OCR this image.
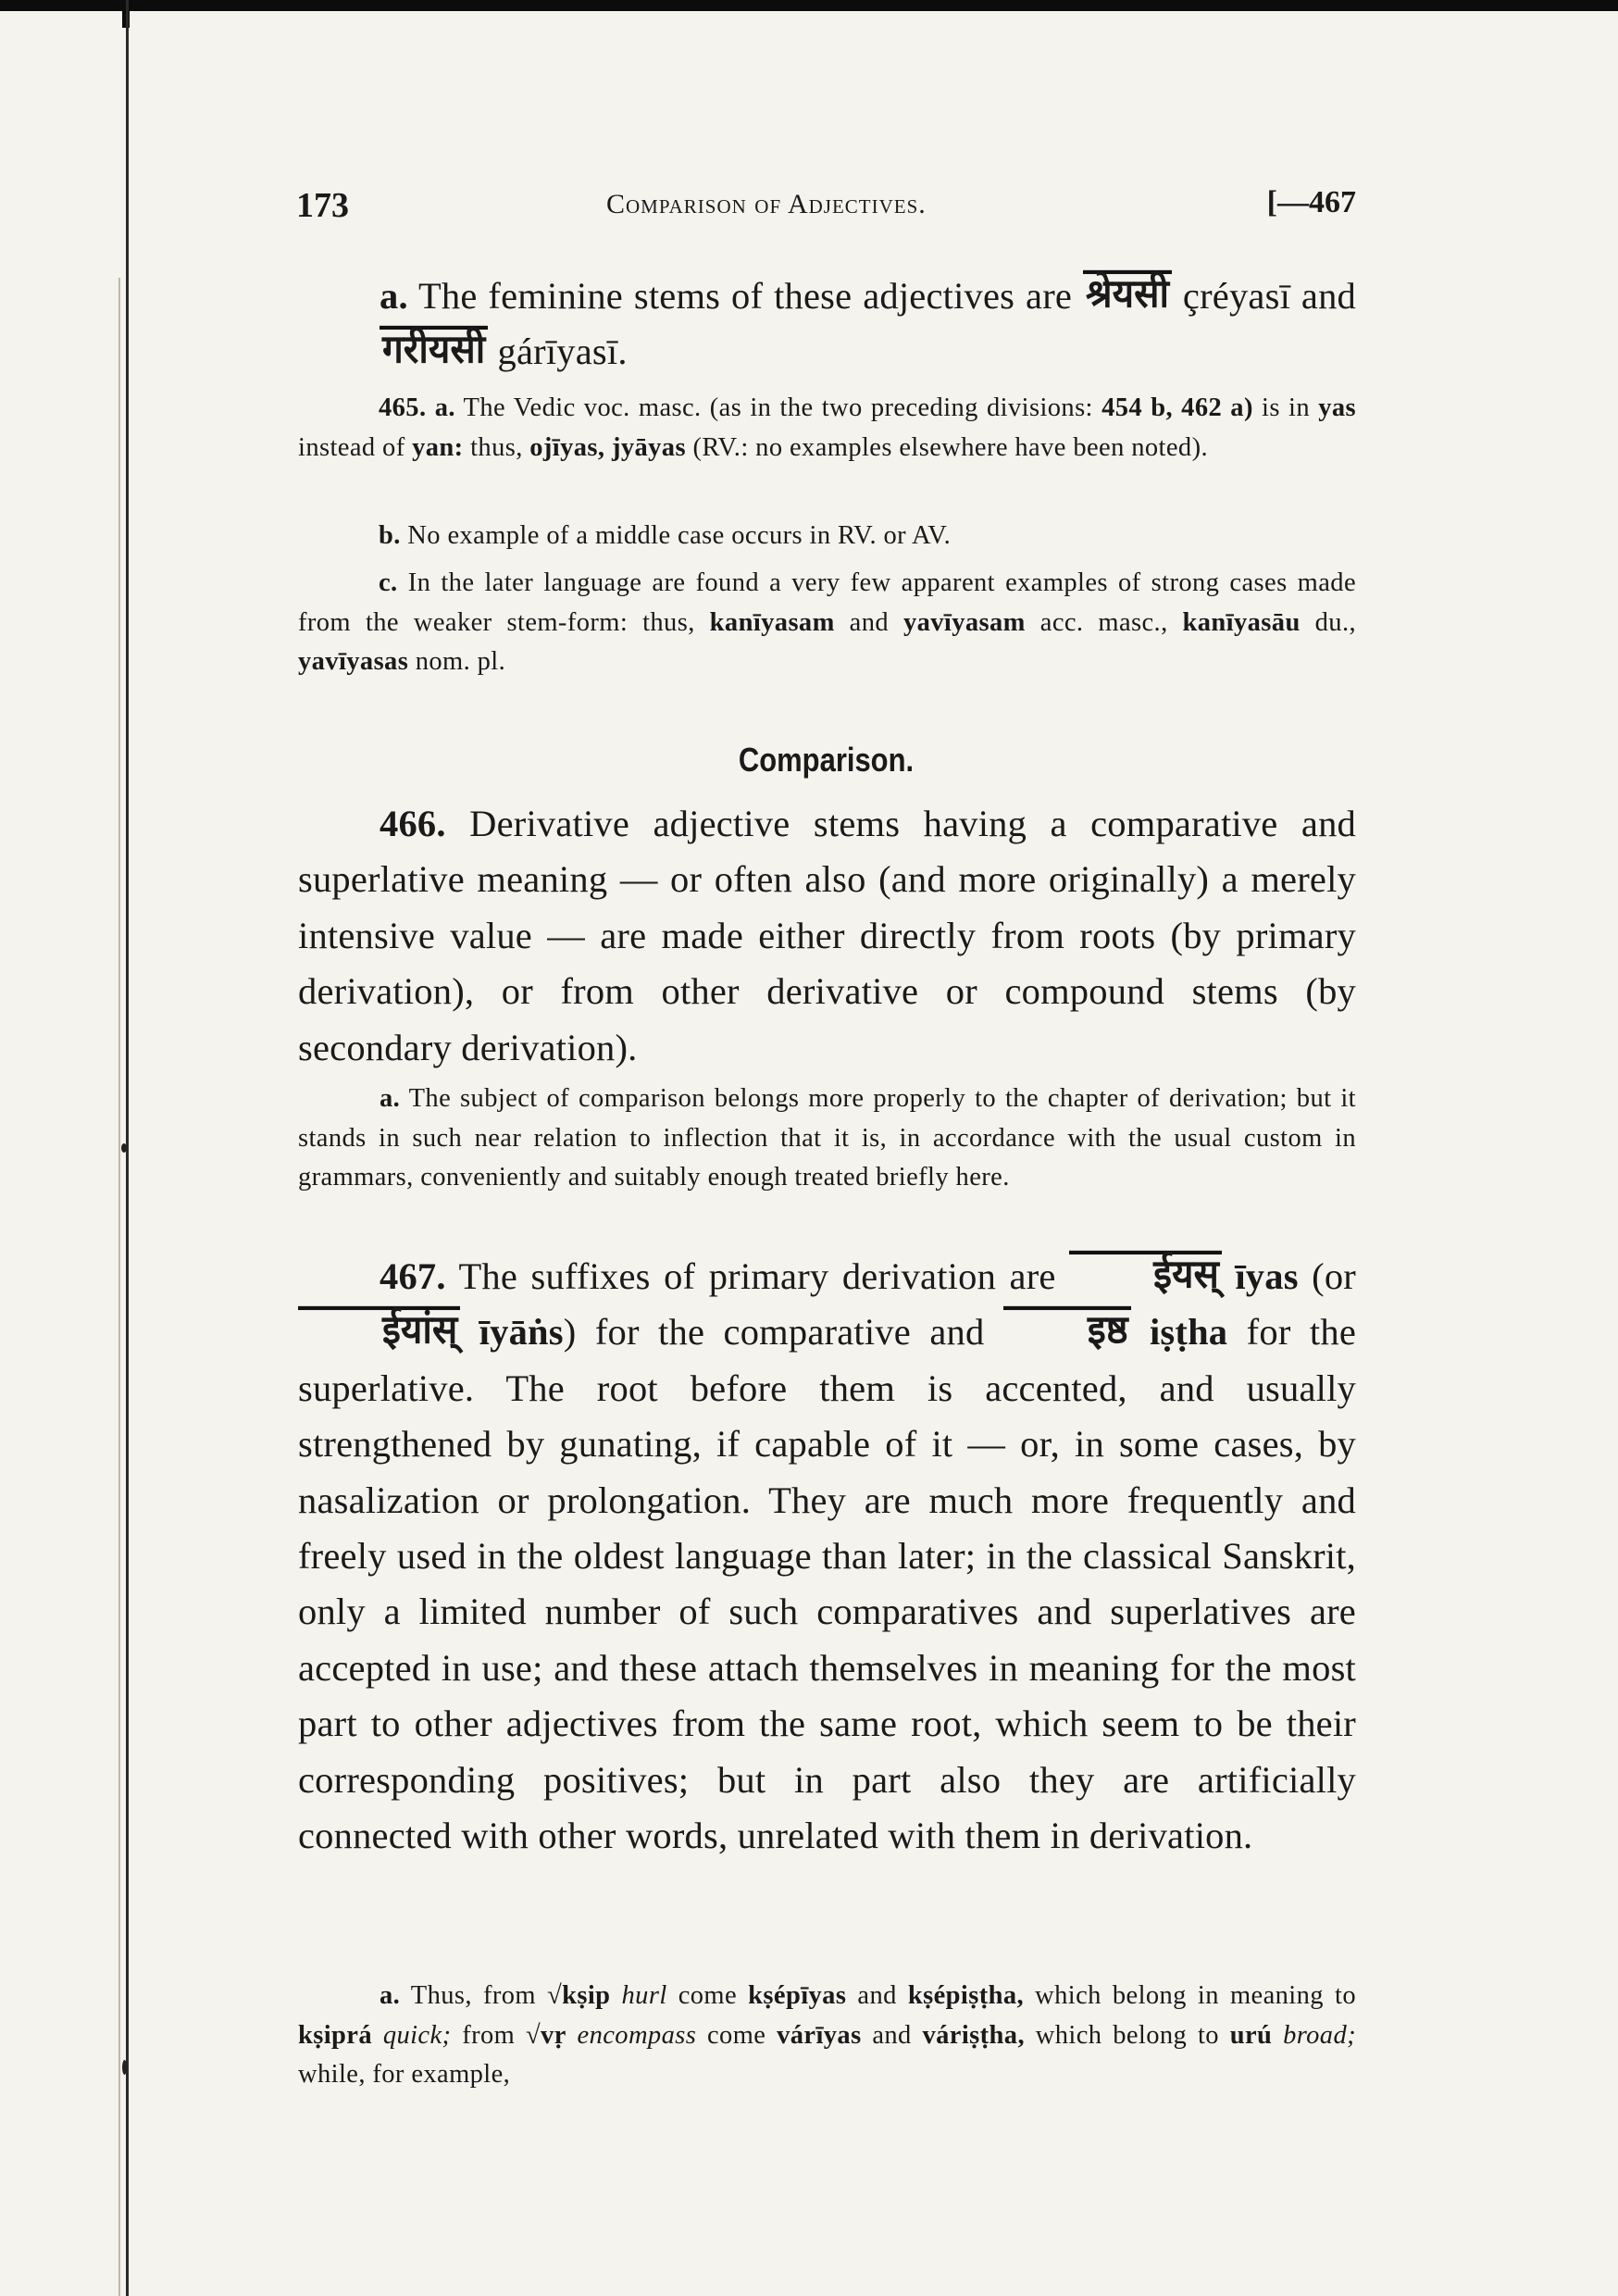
173	Comparison of Adjectives.	[—467
a. The feminine stems of these adjectives are श्रेयसी çréyasī and गरीयसी gárīyasī.
465. a. The Vedic voc. masc. (as in the two preceding divisions: 454 b, 462 a) is in yas instead of yan: thus, ojīyas, jyāyas (RV.: no examples elsewhere have been noted).
b. No example of a middle case occurs in RV. or AV.
c. In the later language are found a very few apparent examples of strong cases made from the weaker stem-form: thus, kanīyasam and yavīyasam acc. masc., kanīyasāu du., yavīyasas nom. pl.
Comparison.
466. Derivative adjective stems having a comparative and superlative meaning — or often also (and more originally) a merely intensive value — are made either directly from roots (by primary derivation), or from other derivative or compound stems (by secondary derivation).
a. The subject of comparison belongs more properly to the chapter of derivation; but it stands in such near relation to inflection that it is, in accordance with the usual custom in grammars, conveniently and suitably enough treated briefly here.
467. The suffixes of primary derivation are ईयस् īyas (or ईयांस् īyāṅs) for the comparative and इष्ठ iṣṭha for the superlative. The root before them is accented, and usually strengthened by gunating, if capable of it — or, in some cases, by nasalization or prolongation. They are much more frequently and freely used in the oldest language than later; in the classical Sanskrit, only a limited number of such comparatives and superlatives are accepted in use; and these attach themselves in meaning for the most part to other adjectives from the same root, which seem to be their corresponding positives; but in part also they are artificially connected with other words, unrelated with them in derivation.
a. Thus, from √kṣip hurl come kṣépīyas and kṣépiṣṭha, which belong in meaning to kṣiprá quick; from √vṛ encompass come várīyas and váriṣṭha, which belong to urú broad; while, for example,
